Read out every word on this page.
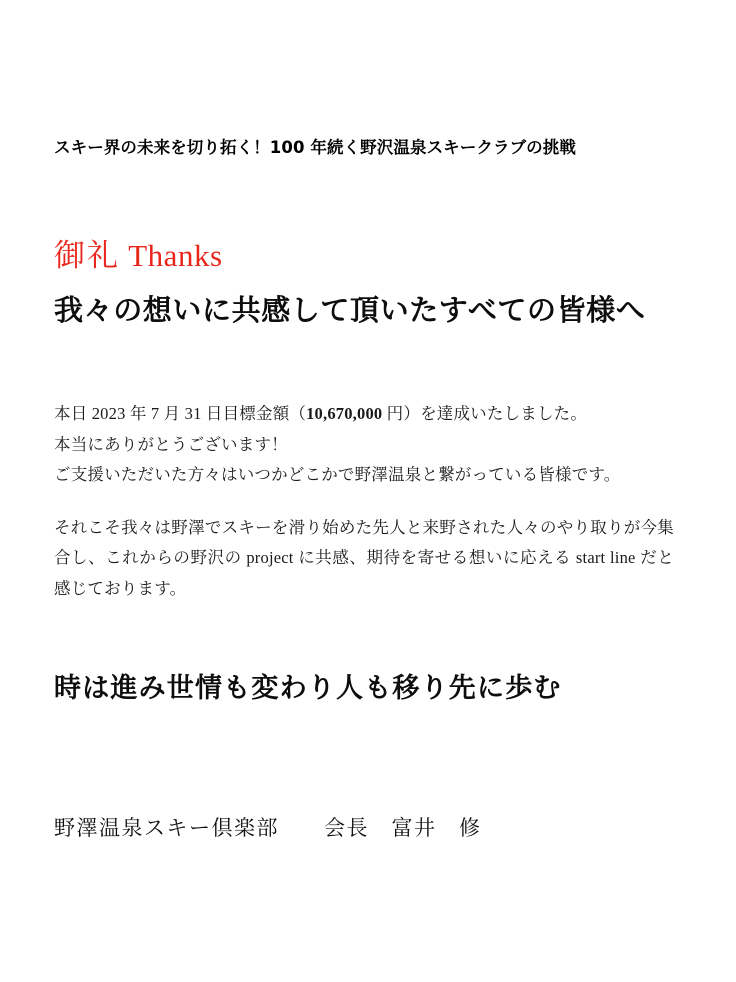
スキー界の未来を切り拓く！100 年続く野沢温泉スキークラブの挑戦

御礼 Thanks
我々の想いに共感して頂いたすべての皆様へ

本日 2023 年 7 月 31 日目標金額（10,670,000 円）を達成いたしました。
本当にありがとうございます！
ご支援いただいた方々はいつかどこかで野澤温泉と繋がっている皆様です。

それこそ我々は野澤でスキーを滑り始めた先人と来野された人々のやり取りが今集合し、これからの野沢の project に共感、期待を寄せる想いに応える start line だと感じております。

時は進み世情も変わり人も移り先に歩む

野澤温泉スキー倶楽部　　会長　富井　修
